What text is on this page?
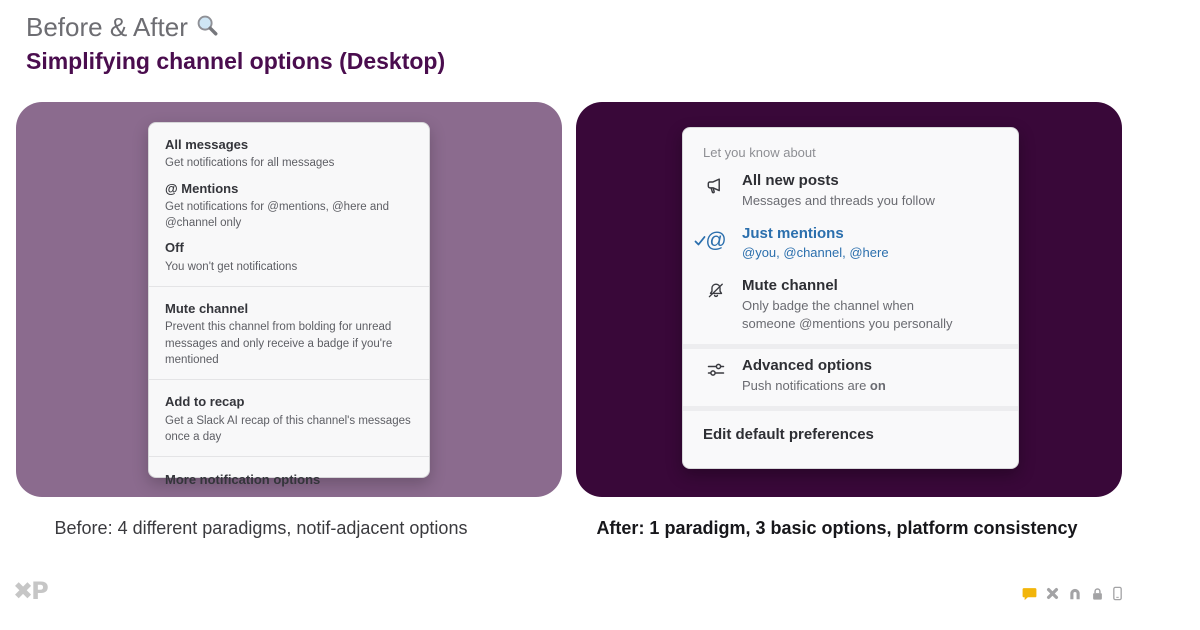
Before & After
Simplifying channel options (Desktop)
All messages
Get notifications for all messages
@ Mentions
Get notifications for @mentions, @here and @channel only
Off
You won't get notifications
Mute channel
Prevent this channel from bolding for unread messages and only receive a badge if you're mentioned
Add to recap
Get a Slack AI recap of this channel's messages once a day
More notification options
Let you know about
All new posts
Messages and threads you follow
@ Just mentions
@you, @channel, @here
Mute channel
Only badge the channel when someone @mentions you personally
Advanced options
Push notifications are on
Edit default preferences
Before: 4 different paradigms, notif-adjacent options	After: 1 paradigm, 3 basic options, platform consistency
✖P
